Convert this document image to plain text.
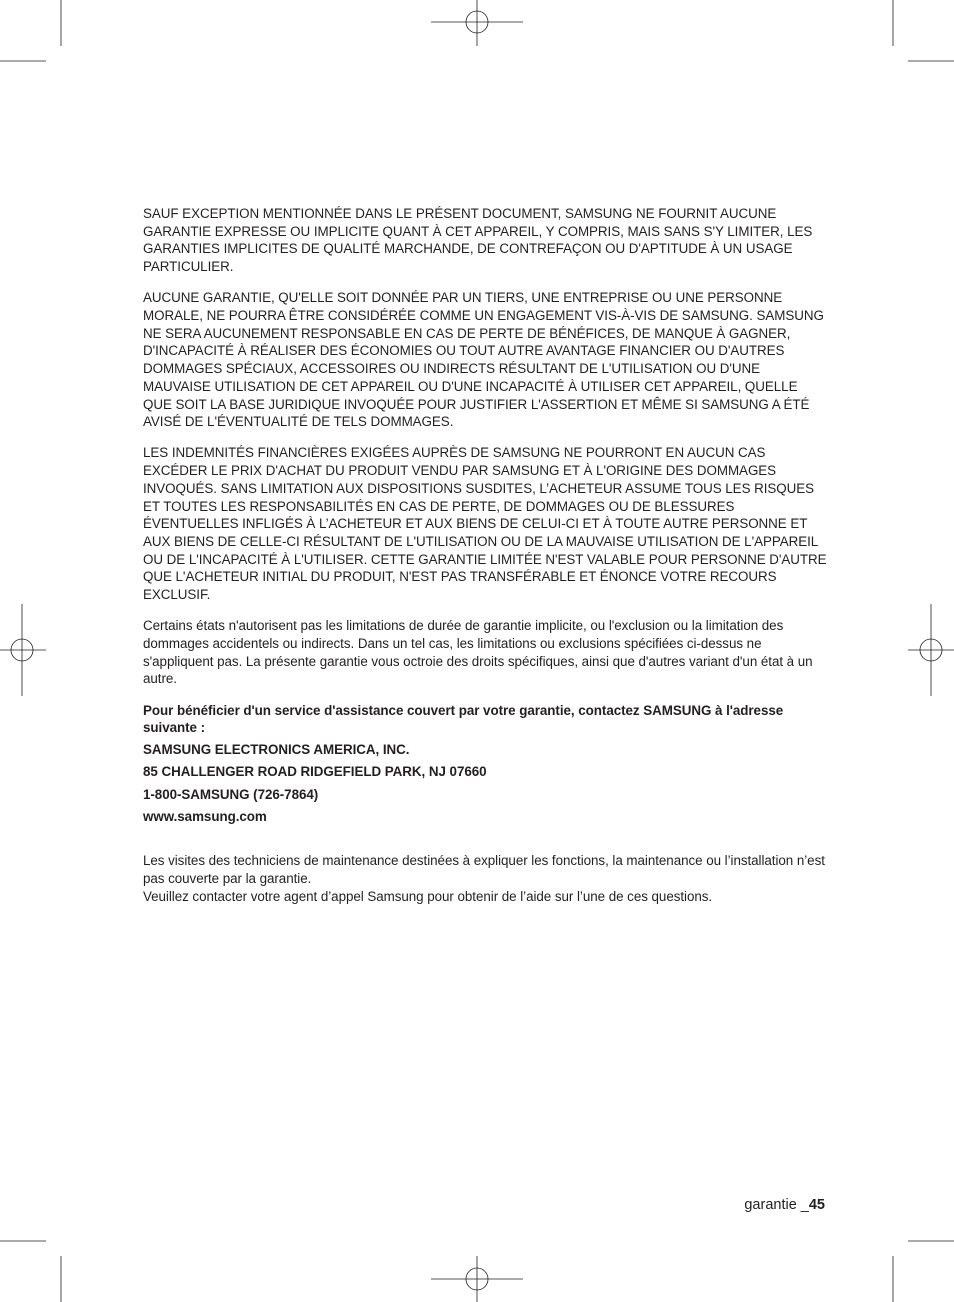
SAUF EXCEPTION MENTIONNÉE DANS LE PRÉSENT DOCUMENT, SAMSUNG NE FOURNIT AUCUNE GARANTIE EXPRESSE OU IMPLICITE QUANT À CET APPAREIL, Y COMPRIS, MAIS SANS S'Y LIMITER, LES GARANTIES IMPLICITES DE QUALITÉ MARCHANDE, DE CONTREFAÇON OU D'APTITUDE À UN USAGE PARTICULIER.

AUCUNE GARANTIE, QU'ELLE SOIT DONNÉE PAR UN TIERS, UNE ENTREPRISE OU UNE PERSONNE MORALE, NE POURRA ÊTRE CONSIDÉRÉE COMME UN ENGAGEMENT VIS-À-VIS DE SAMSUNG. SAMSUNG NE SERA AUCUNEMENT RESPONSABLE EN CAS DE PERTE DE BÉNÉFICES, DE MANQUE À GAGNER, D'INCAPACITÉ À RÉALISER DES ÉCONOMIES OU TOUT AUTRE AVANTAGE FINANCIER OU D'AUTRES DOMMAGES SPÉCIAUX, ACCESSOIRES OU INDIRECTS RÉSULTANT DE L'UTILISATION OU D'UNE MAUVAISE UTILISATION DE CET APPAREIL OU D'UNE INCAPACITÉ À UTILISER CET APPAREIL, QUELLE QUE SOIT LA BASE JURIDIQUE INVOQUÉE POUR JUSTIFIER L'ASSERTION ET MÊME SI SAMSUNG A ÉTÉ AVISÉ DE L'ÉVENTUALITÉ DE TELS DOMMAGES.

LES INDEMNITÉS FINANCIÈRES EXIGÉES AUPRÈS DE SAMSUNG NE POURRONT EN AUCUN CAS EXCÉDER LE PRIX D'ACHAT DU PRODUIT VENDU PAR SAMSUNG ET À L'ORIGINE DES DOMMAGES INVOQUÉS. SANS LIMITATION AUX DISPOSITIONS SUSDITES, L’ACHETEUR ASSUME TOUS LES RISQUES ET TOUTES LES RESPONSABILITÉS EN CAS DE PERTE, DE DOMMAGES OU DE BLESSURES ÉVENTUELLES INFLIGÉS À L’ACHETEUR ET AUX BIENS DE CELUI-CI ET À TOUTE AUTRE PERSONNE ET AUX BIENS DE CELLE-CI RÉSULTANT DE L'UTILISATION OU DE LA MAUVAISE UTILISATION DE L'APPAREIL OU DE L'INCAPACITÉ À L'UTILISER. CETTE GARANTIE LIMITÉE N'EST VALABLE POUR PERSONNE D'AUTRE QUE L'ACHETEUR INITIAL DU PRODUIT, N'EST PAS TRANSFÉRABLE ET ÉNONCE VOTRE RECOURS EXCLUSIF.

Certains états n'autorisent pas les limitations de durée de garantie implicite, ou l'exclusion ou la limitation des dommages accidentels ou indirects. Dans un tel cas, les limitations ou exclusions spécifiées ci-dessus ne s'appliquent pas. La présente garantie vous octroie des droits spécifiques, ainsi que d'autres variant d'un état à un autre.

Pour bénéficier d'un service d'assistance couvert par votre garantie, contactez SAMSUNG à l'adresse suivante :

SAMSUNG ELECTRONICS AMERICA, INC.

85 CHALLENGER ROAD RIDGEFIELD PARK, NJ 07660

1-800-SAMSUNG (726-7864)

www.samsung.com

Les visites des techniciens de maintenance destinées à expliquer les fonctions, la maintenance ou l’installation n’est pas couverte par la garantie.

Veuillez contacter votre agent d’appel Samsung pour obtenir de l’aide sur l’une de ces questions.

garantie _45
